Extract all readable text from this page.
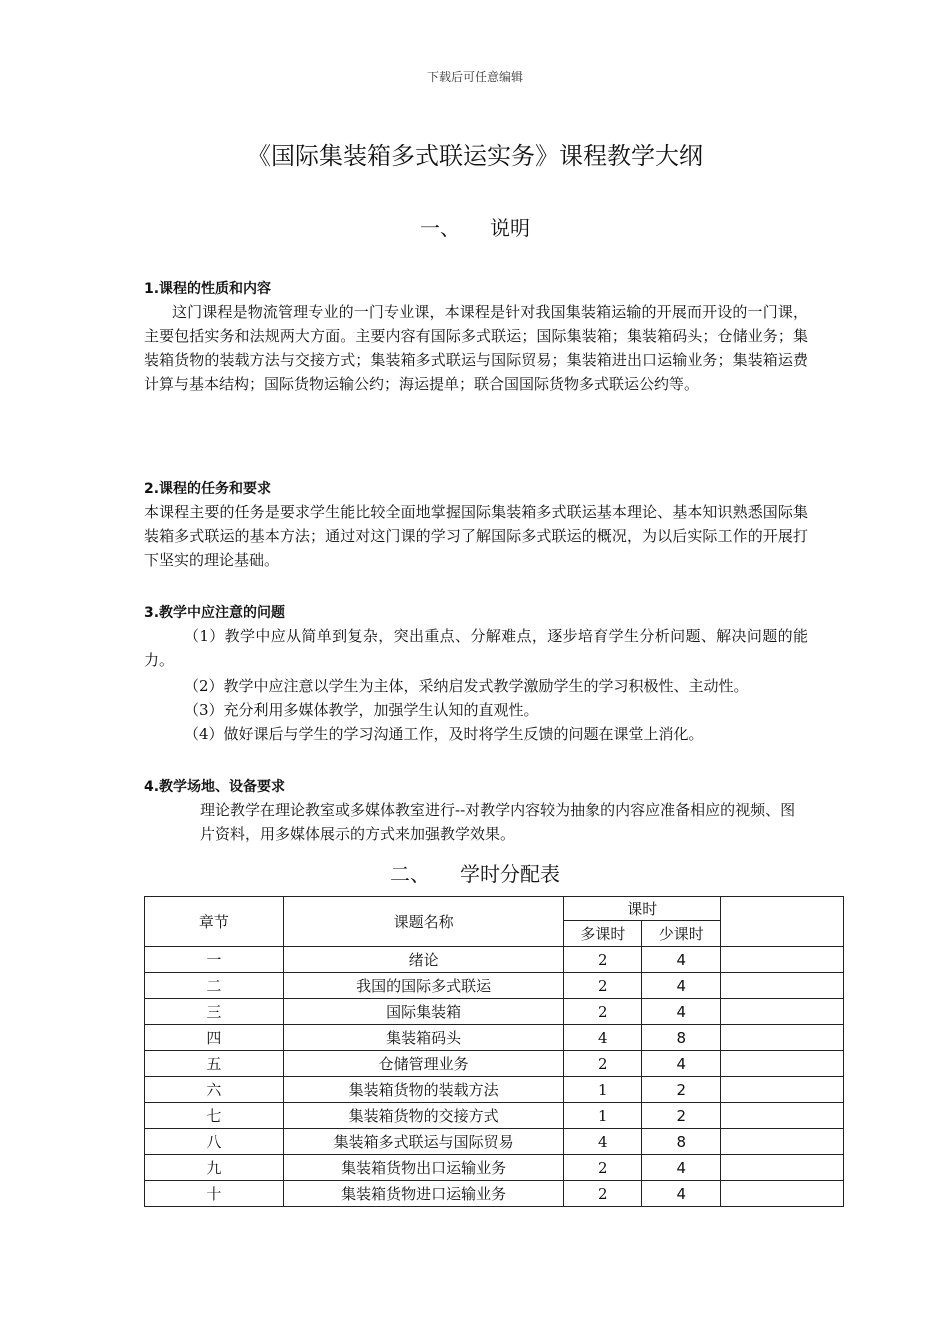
下载后可任意编辑
《国际集装箱多式联运实务》课程教学大纲
一、 说明
1.课程的性质和内容
这门课程是物流管理专业的一门专业课，本课程是针对我国集装箱运输的开展而开设的一门课，主要包括实务和法规两大方面。主要内容有国际多式联运；国际集装箱；集装箱码头；仓储业务；集装箱货物的装载方法与交接方式；集装箱多式联运与国际贸易；集装箱进出口运输业务；集装箱运费计算与基本结构；国际货物运输公约；海运提单；联合国国际货物多式联运公约等。
2.课程的任务和要求
本课程主要的任务是要求学生能比较全面地掌握国际集装箱多式联运基本理论、基本知识熟悉国际集装箱多式联运的基本方法；通过对这门课的学习了解国际多式联运的概况，为以后实际工作的开展打下坚实的理论基础。
3.教学中应注意的问题
（1）教学中应从简单到复杂，突出重点、分解难点，逐步培育学生分析问题、解决问题的能力。
（2）教学中应注意以学生为主体，采纳启发式教学激励学生的学习积极性、主动性。
（3）充分利用多媒体教学，加强学生认知的直观性。
（4）做好课后与学生的学习沟通工作，及时将学生反馈的问题在课堂上消化。
4.教学场地、设备要求
理论教学在理论教室或多媒体教室进行--对教学内容较为抽象的内容应准备相应的视频、图片资料，用多媒体展示的方式来加强教学效果。
二、 学时分配表
章节	课题名称	课时		
		多课时	少课时	
一	绪论	2	4	
二	我国的国际多式联运	2	4	
三	国际集装箱	2	4	
四	集装箱码头	4	8	
五	仓储管理业务	2	4	
六	集装箱货物的装载方法	1	2	
七	集装箱货物的交接方式	1	2	
八	集装箱多式联运与国际贸易	4	8	
九	集装箱货物出口运输业务	2	4	
十	集装箱货物进口运输业务	2	4	
